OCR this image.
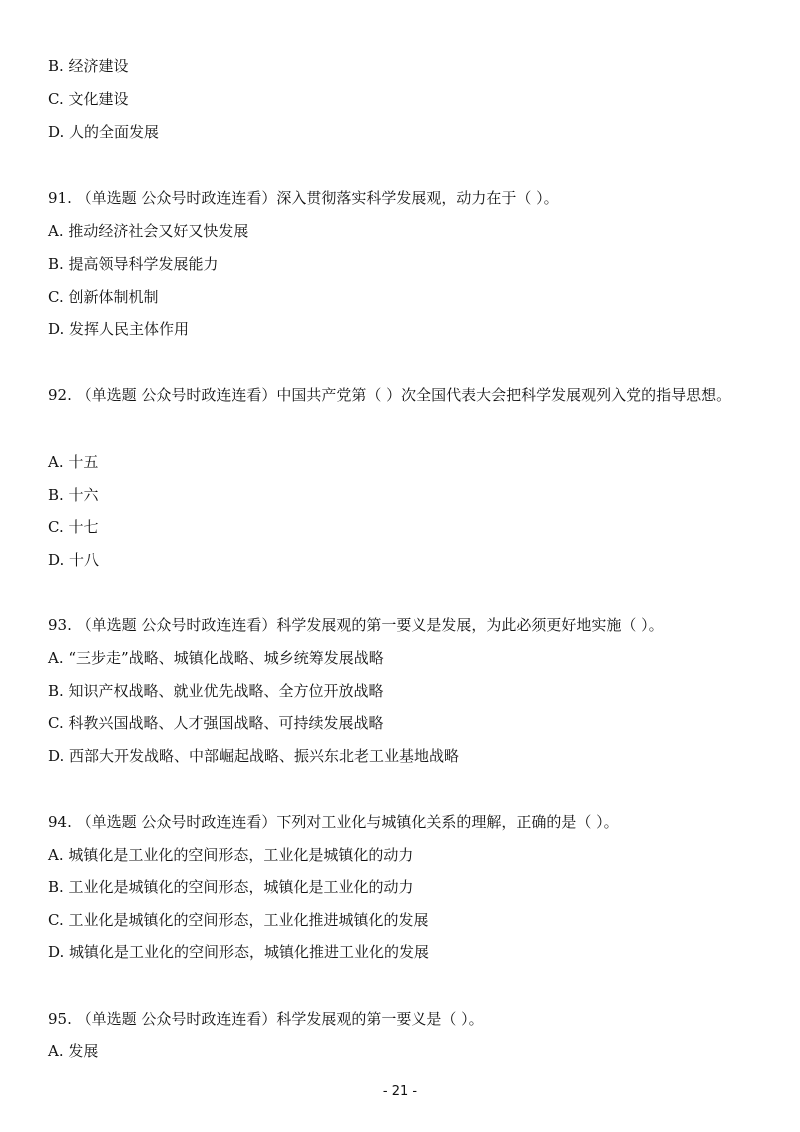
B. 经济建设

C. 文化建设

D. 人的全面发展

91. （单选题 公众号时政连连看）深入贯彻落实科学发展观，动力在于（ ）。

A. 推动经济社会又好又快发展

B. 提高领导科学发展能力

C. 创新体制机制

D. 发挥人民主体作用

92. （单选题 公众号时政连连看）中国共产党第（ ）次全国代表大会把科学发展观列入党的指导思想。

A. 十五

B. 十六

C. 十七

D. 十八

93. （单选题 公众号时政连连看）科学发展观的第一要义是发展，为此必须更好地实施（ ）。

A. “三步走”战略、城镇化战略、城乡统筹发展战略

B. 知识产权战略、就业优先战略、全方位开放战略

C. 科教兴国战略、人才强国战略、可持续发展战略

D. 西部大开发战略、中部崛起战略、振兴东北老工业基地战略

94. （单选题 公众号时政连连看）下列对工业化与城镇化关系的理解，正确的是（ ）。

A. 城镇化是工业化的空间形态，工业化是城镇化的动力

B. 工业化是城镇化的空间形态，城镇化是工业化的动力

C. 工业化是城镇化的空间形态，工业化推进城镇化的发展

D. 城镇化是工业化的空间形态，城镇化推进工业化的发展

95. （单选题 公众号时政连连看）科学发展观的第一要义是（ ）。

A. 发展

- 21 -
